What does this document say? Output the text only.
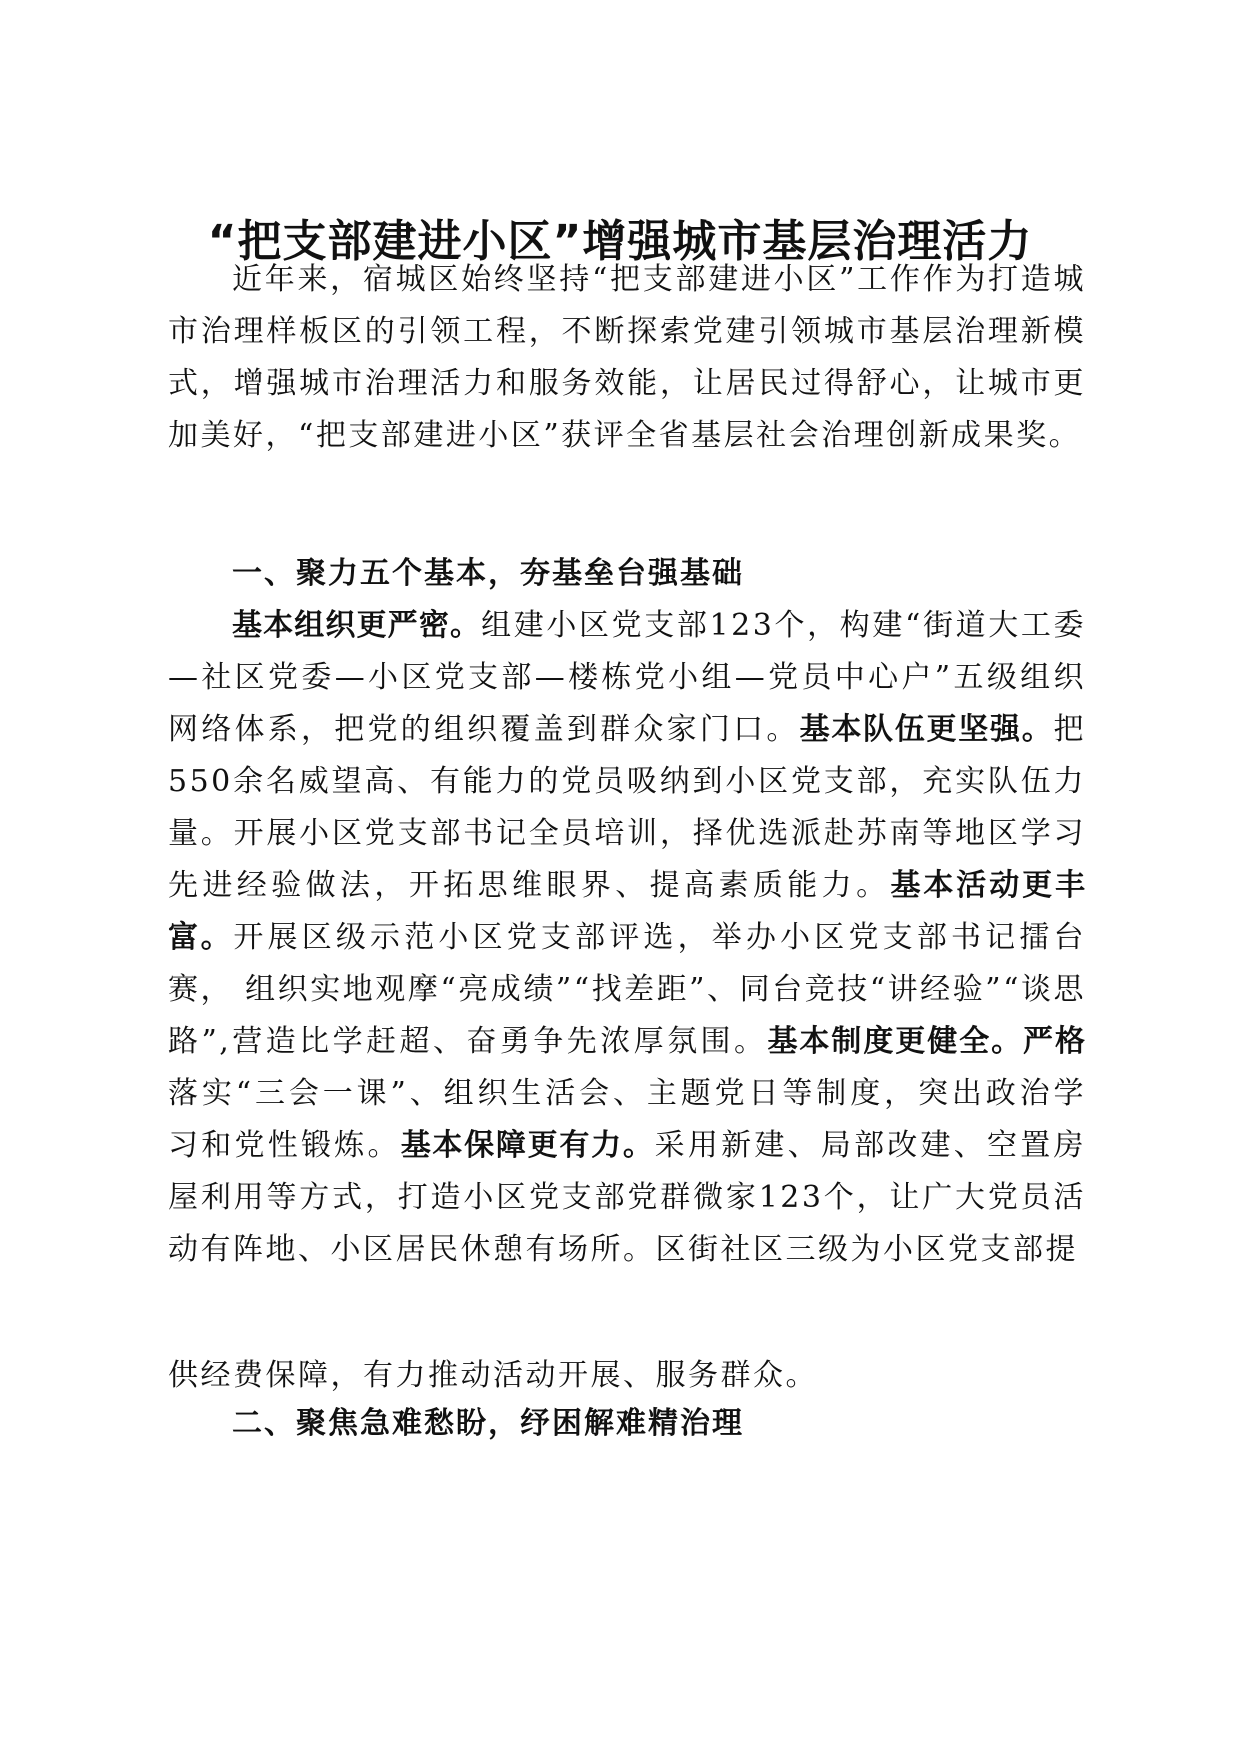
“把支部建进小区”增强城市基层治理活力

近年来，宿城区始终坚持“把支部建进小区”工作作为打造城市治理样板区的引领工程，不断探索党建引领城市基层治理新模式，增强城市治理活力和服务效能，让居民过得舒心，让城市更加美好，“把支部建进小区”获评全省基层社会治理创新成果奖。

一、聚力五个基本，夯基垒台强基础

基本组织更严密。组建小区党支部123个，构建“街道大工委—社区党委—小区党支部—楼栋党小组—党员中心户”五级组织网络体系，把党的组织覆盖到群众家门口。基本队伍更坚强。把550余名威望高、有能力的党员吸纳到小区党支部，充实队伍力量。开展小区党支部书记全员培训，择优选派赴苏南等地区学习先进经验做法，开拓思维眼界、提高素质能力。基本活动更丰富。开展区级示范小区党支部评选，举办小区党支部书记擂台赛， 组织实地观摩“亮成绩”“找差距”、同台竞技“讲经验”“谈思 路”,营造比学赶超、奋勇争先浓厚氛围。基本制度更健全。严格 落实“三会一课”、组织生活会、主题党日等制度，突出政治学 习和党性锻炼。基本保障更有力。采用新建、局部改建、空置房 屋利用等方式，打造小区党支部党群微家123个，让广大党员活 动有阵地、小区居民休憩有场所。区街社区三级为小区党支部提

供经费保障，有力推动活动开展、服务群众。

二、聚焦急难愁盼，纾困解难精治理
